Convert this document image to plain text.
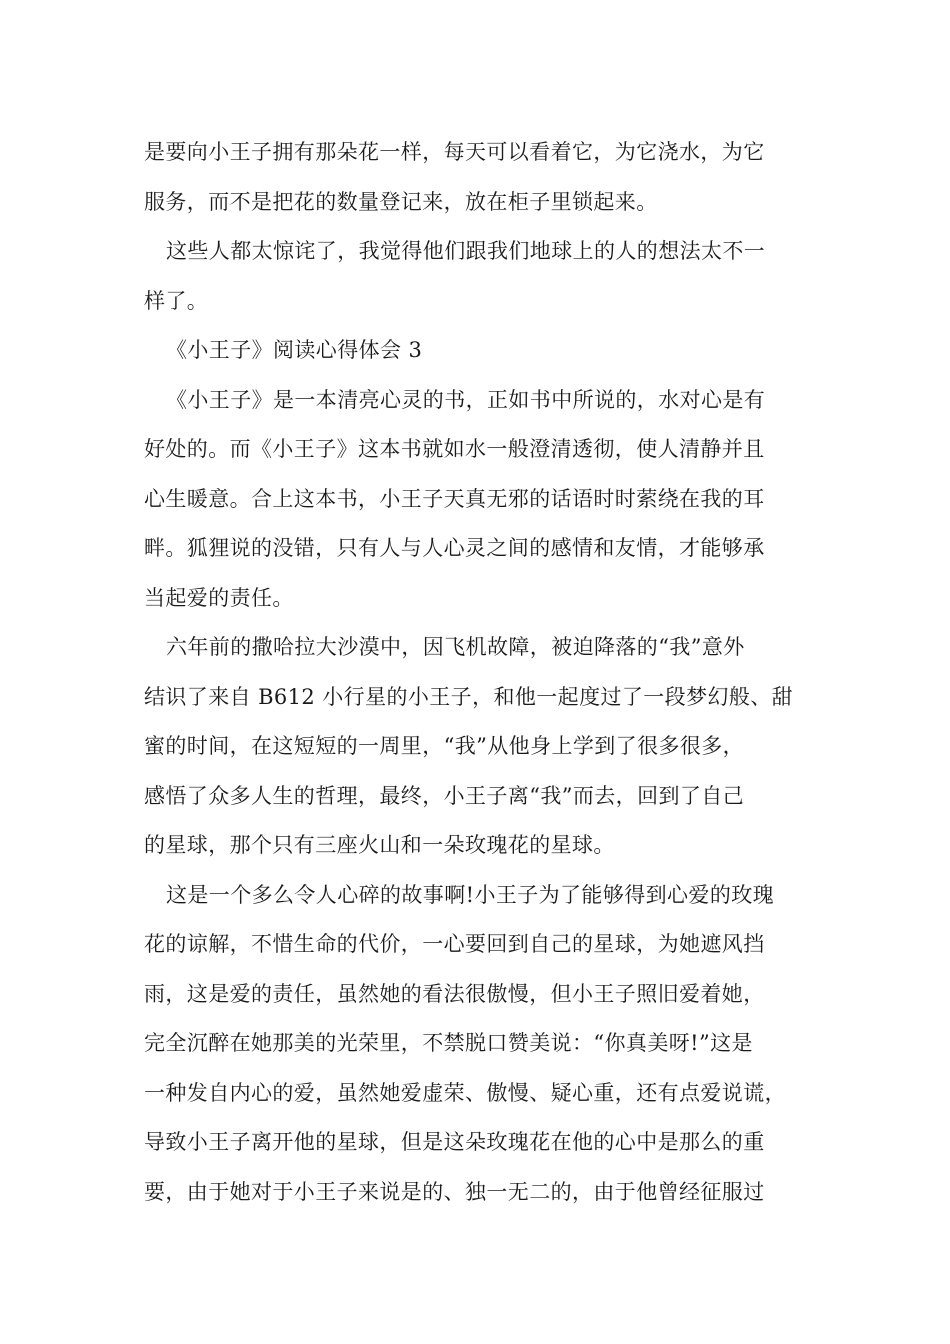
是要向小王子拥有那朵花一样，每天可以看着它，为它浇水，为它
服务，而不是把花的数量登记来，放在柜子里锁起来。
这些人都太惊诧了，我觉得他们跟我们地球上的人的想法太不一
样了。
《小王子》阅读心得体会 3
《小王子》是一本清亮心灵的书，正如书中所说的，水对心是有
好处的。而《小王子》这本书就如水一般澄清透彻，使人清静并且
心生暖意。合上这本书，小王子天真无邪的话语时时萦绕在我的耳
畔。狐狸说的没错，只有人与人心灵之间的感情和友情，才能够承
当起爱的责任。
六年前的撒哈拉大沙漠中，因飞机故障，被迫降落的“我”意外
结识了来自 B612 小行星的小王子，和他一起度过了一段梦幻般、甜
蜜的时间，在这短短的一周里，“我”从他身上学到了很多很多，
感悟了众多人生的哲理，最终，小王子离“我”而去，回到了自己
的星球，那个只有三座火山和一朵玫瑰花的星球。
这是一个多么令人心碎的故事啊!小王子为了能够得到心爱的玫瑰
花的谅解，不惜生命的代价，一心要回到自己的星球，为她遮风挡
雨，这是爱的责任，虽然她的看法很傲慢，但小王子照旧爱着她，
完全沉醉在她那美的光荣里，不禁脱口赞美说：“你真美呀!”这是
一种发自内心的爱，虽然她爱虚荣、傲慢、疑心重，还有点爱说谎，
导致小王子离开他的星球，但是这朵玫瑰花在他的心中是那么的重
要，由于她对于小王子来说是的、独一无二的，由于他曾经征服过
